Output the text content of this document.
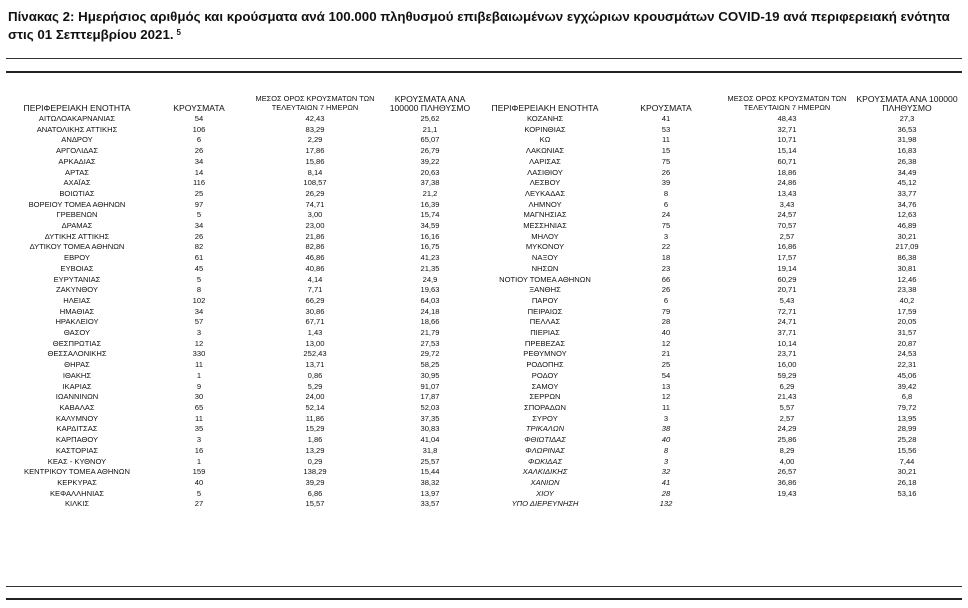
Πίνακας 2: Ημερήσιος αριθμός και κρούσματα ανά 100.000 πληθυσμού επιβεβαιωμένων εγχώριων κρουσμάτων COVID-19 ανά περιφερειακή ενότητα στις 01 Σεπτεμβρίου 2021. $^5$
ΠΕΡΙΦΕΡΕΙΑΚΗ ΕΝΟΤΗΤΑ	ΚΡΟΥΣΜΑΤΑ	ΜΕΣΟΣ ΟΡΟΣ ΚΡΟΥΣΜΑΤΩΝ ΤΩΝ ΤΕΛΕΥΤΑΙΩΝ 7 ΗΜΕΡΩΝ	ΚΡΟΥΣΜΑΤΑ ΑΝΑ 100000 ΠΛΗΘΥΣΜΟ	ΠΕΡΙΦΕΡΕΙΑΚΗ ΕΝΟΤΗΤΑ	ΚΡΟΥΣΜΑΤΑ	ΜΕΣΟΣ ΟΡΟΣ ΚΡΟΥΣΜΑΤΩΝ ΤΩΝ ΤΕΛΕΥΤΑΙΩΝ 7 ΗΜΕΡΩΝ	ΚΡΟΥΣΜΑΤΑ ΑΝΑ 100000 ΠΛΗΘΥΣΜΟ
ΑΙΤΩΛΟΑΚΑΡΝΑΝΙΑΣ	54	42,43	25,62	ΚΟΖΑΝΗΣ	41	48,43	27,3
ΑΝΑΤΟΛΙΚΗΣ ΑΤΤΙΚΗΣ	106	83,29	21,1	ΚΟΡΙΝΘΙΑΣ	53	32,71	36,53
ΑΝΔΡΟΥ	6	2,29	65,07	ΚΩ	11	10,71	31,98
ΑΡΓΟΛΙΔΑΣ	26	17,86	26,79	ΛΑΚΩΝΙΑΣ	15	15,14	16,83
ΑΡΚΑΔΙΑΣ	34	15,86	39,22	ΛΑΡΙΣΑΣ	75	60,71	26,38
ΑΡΤΑΣ	14	8,14	20,63	ΛΑΣΙΘΙΟΥ	26	18,86	34,49
ΑΧΑΪΑΣ	116	108,57	37,38	ΛΕΣΒΟΥ	39	24,86	45,12
ΒΟΙΩΤΙΑΣ	25	26,29	21,2	ΛΕΥΚΑΔΑΣ	8	13,43	33,77
ΒΟΡΕΙΟΥ ΤΟΜΕΑ ΑΘΗΝΩΝ	97	74,71	16,39	ΛΗΜΝΟΥ	6	3,43	34,76
ΓΡΕΒΕΝΩΝ	5	3,00	15,74	ΜΑΓΝΗΣΙΑΣ	24	24,57	12,63
ΔΡΑΜΑΣ	34	23,00	34,59	ΜΕΣΣΗΝΙΑΣ	75	70,57	46,89
ΔΥΤΙΚΗΣ ΑΤΤΙΚΗΣ	26	21,86	16,16	ΜΗΛΟΥ	3	2,57	30,21
ΔΥΤΙΚΟΥ ΤΟΜΕΑ ΑΘΗΝΩΝ	82	82,86	16,75	ΜΥΚΟΝΟΥ	22	16,86	217,09
ΕΒΡΟΥ	61	46,86	41,23	ΝΑΞΟΥ	18	17,57	86,38
ΕΥΒΟΙΑΣ	45	40,86	21,35	ΝΗΣΩΝ	23	19,14	30,81
ΕΥΡΥΤΑΝΙΑΣ	5	4,14	24,9	ΝΟΤΙΟΥ ΤΟΜΕΑ ΑΘΗΝΩΝ	66	60,29	12,46
ΖΑΚΥΝΘΟΥ	8	7,71	19,63	ΞΑΝΘΗΣ	26	20,71	23,38
ΗΛΕΙΑΣ	102	66,29	64,03	ΠΑΡΟΥ	6	5,43	40,2
ΗΜΑΘΙΑΣ	34	30,86	24,18	ΠΕΙΡΑΙΩΣ	79	72,71	17,59
ΗΡΑΚΛΕΙΟΥ	57	67,71	18,66	ΠΕΛΛΑΣ	28	24,71	20,05
ΘΑΣΟΥ	3	1,43	21,79	ΠΙΕΡΙΑΣ	40	37,71	31,57
ΘΕΣΠΡΩΤΙΑΣ	12	13,00	27,53	ΠΡΕΒΕΖΑΣ	12	10,14	20,87
ΘΕΣΣΑΛΟΝΙΚΗΣ	330	252,43	29,72	ΡΕΘΥΜΝΟΥ	21	23,71	24,53
ΘΗΡΑΣ	11	13,71	58,25	ΡΟΔΟΠΗΣ	25	16,00	22,31
ΙΘΑΚΗΣ	1	0,86	30,95	ΡΟΔΟΥ	54	59,29	45,06
ΙΚΑΡΙΑΣ	9	5,29	91,07	ΣΑΜΟΥ	13	6,29	39,42
ΙΩΑΝΝΙΝΩΝ	30	24,00	17,87	ΣΕΡΡΩΝ	12	21,43	6,8
ΚΑΒΑΛΑΣ	65	52,14	52,03	ΣΠΟΡΑΔΩΝ	11	5,57	79,72
ΚΑΛΥΜΝΟΥ	11	11,86	37,35	ΣΥΡΟΥ	3	2,57	13,95
ΚΑΡΔΙΤΣΑΣ	35	15,29	30,83	ΤΡΙΚΑΛΩΝ	38	24,29	28,99
ΚΑΡΠΑΘΟΥ	3	1,86	41,04	ΦΘΙΩΤΙΔΑΣ	40	25,86	25,28
ΚΑΣΤΟΡΙΑΣ	16	13,29	31,8	ΦΛΩΡΙΝΑΣ	8	8,29	15,56
ΚΕΑΣ - ΚΥΘΝΟΥ	1	0,29	25,57	ΦΩΚΙΔΑΣ	3	4,00	7,44
ΚΕΝΤΡΙΚΟΥ ΤΟΜΕΑ ΑΘΗΝΩΝ	159	138,29	15,44	ΧΑΛΚΙΔΙΚΗΣ	32	26,57	30,21
ΚΕΡΚΥΡΑΣ	40	39,29	38,32	ΧΑΝΙΩΝ	41	36,86	26,18
ΚΕΦΑΛΛΗΝΙΑΣ	5	6,86	13,97	ΧΙΟΥ	28	19,43	53,16
ΚΙΛΚΙΣ	27	15,57	33,57	ΥΠΟ ΔΙΕΡΕΥΝΗΣΗ	132		
